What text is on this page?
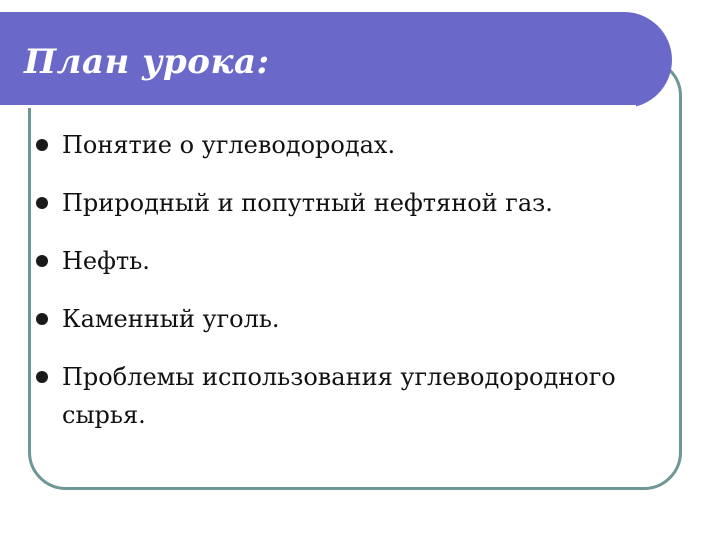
План урока:
Понятие о углеводородах.
Природный и попутный нефтяной газ.
Нефть.
Каменный уголь.
Проблемы использования углеводородного сырья.
